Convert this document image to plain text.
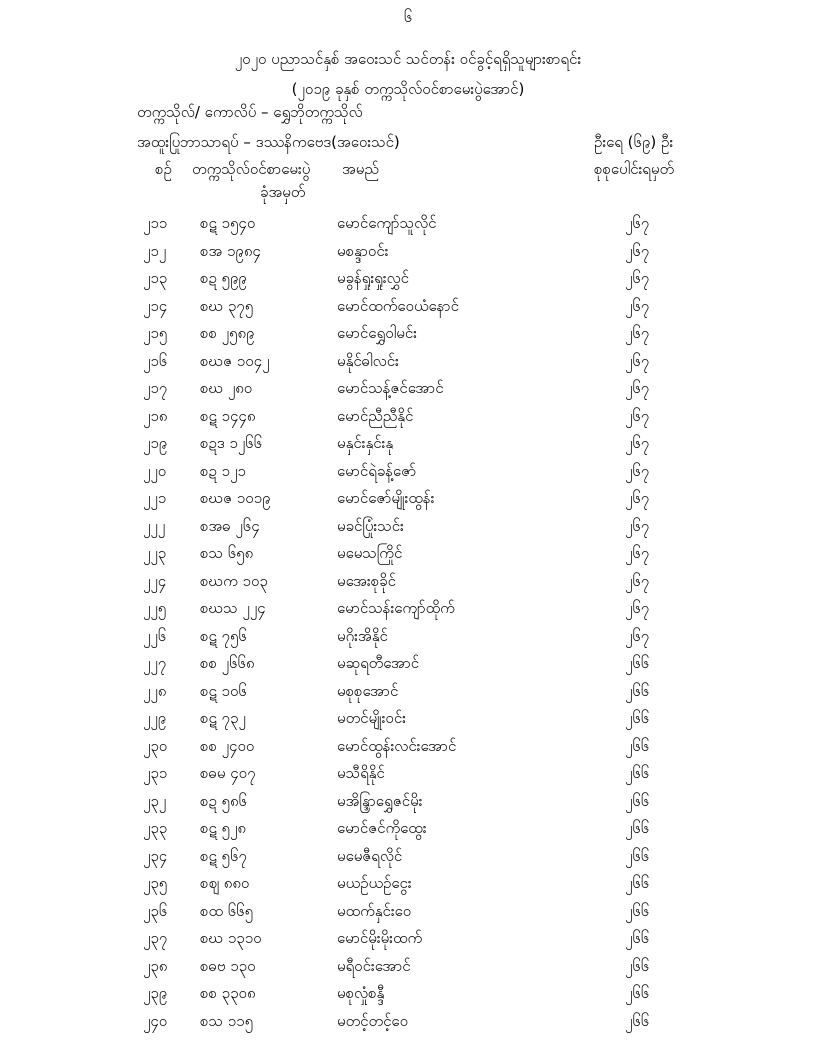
၆
၂၀၂၀ ပညာသင်နှစ် အဝေးသင် သင်တန်း ဝင်ခွင့်ရရှိသူများစာရင်း
(၂၀၁၉ ခုနှစ် တက္ကသိုလ်ဝင်စာမေးပွဲအောင်)
တက္ကသိုလ်/ ကောလိပ် – ရွှေဘိုတက္ကသိုလ်
အထူးပြုဘာသာရပ် – ဒဿနိကဗေဒ(အဝေးသင်)	ဦးရေ (၆၉) ဦး
စဉ် တက္ကသိုလ်ဝင်စာမေးပွဲ
ခုံအမှတ်
အမည်	စုစုပေါင်းရမှတ်
၂၁၁ စဋ ၁၅၄၀	မောင်ကျော်သူလိုင်	၂၆၇
၂၁၂ စအ ၁၉၈၄	မစန္ဒာဝင်း	၂၆၇
၂၁၃ စဍ ၅၉၉	မခွန်ရှုးရှုးလွှင်	၂၆၇
၂၁၄ စဃ ၃၇၅	မောင်ထက်ဝေယံနောင်	၂၆၇
၂၁၅ စစ ၂၅၈၉	မောင်ရွှေဝါမင်း	၂၆၇
၂၁၆ စဃဇ ၁၀၄၂	မနိုင်ဓါလင်း	၂၆၇
၂၁၇ စဃ ၂၈၀	မောင်သန့်ဇင်အောင်	၂၆၇
၂၁၈ စဋ ၁၄၄၈	မောင်ညီညီနိုင်	၂၆၇
၂၁၉ စဍဒ ၁၂၆၆	မနှင်းနှင်းနု	၂၆၇
၂၂၀ စဍ ၁၂၁	မောင်ရဲခန့်ဇော်	၂၆၇
၂၂၁ စဃဇ ၁၀၁၉	မောင်ဇော်မျိုးထွန်း	၂၆၇
၂၂၂ စအဓ ၂၆၄	မခင်ပြုံးသင်း	၂၆၇
၂၂၃ စသ ၆၅၈	မမေသကြိုင်	၂၆၇
၂၂၄ စဃက ၁၀၃	မအေးစုခိုင်	၂၆၇
၂၂၅ စဃသ ၂၂၄	မောင်သန်းကျော်ထိုက်	၂၆၇
၂၂၆ စဋ ၇၅၆	မဂိုးအိနိုင်	၂၆၇
၂၂၇ စစ ၂၆၆၈	မဆုရတီအောင်	၂၆၆
၂၂၈ စဋ ၁၀၆	မစုစုအောင်	၂၆၆
၂၂၉ စဋ ၇၃၂	မတင်မျိုးဝင်း	၂၆၆
၂၃၀ စစ ၂၄၀၀	မောင်ထွန်းလင်းအောင်	၂၆၆
၂၃၁ စဓမ ၄၀၇	မသီရိနိုင်	၂၆၆
၂၃၂ စဍ ၅၈၆	မအိန္ဒြာရွှေဇင်မိုး	၂၆၆
၂၃၃ စဋ ၅၂၈	မောင်ဇင်ကိုထွေး	၂၆၆
၂၃၄ စဋ ၅၆၇	မမေဇီရလိုင်	၂၆၆
၂၃၅ စဈ ၈၈၀	မယဉ်ယဉ်ငွေး	၂၆၆
၂၃၆ စထ ၆၆၅	မထက်နှင်းဝေ	၂၆၆
၂၃၇ စဃ ၁၃၁၀	မောင်မိုးမိုးထက်	၂၆၆
၂၃၈ စဓဗ ၁၃၀	မရီဝင်းအောင်	၂၆၆
၂၃၉ စစ ၃၃၀၈	မစုလှုံစန္ဒီ	၂၆၆
၂၄၀ စသ ၁၁၅	မတင့်တင့်ဝေ	၂၆၆
